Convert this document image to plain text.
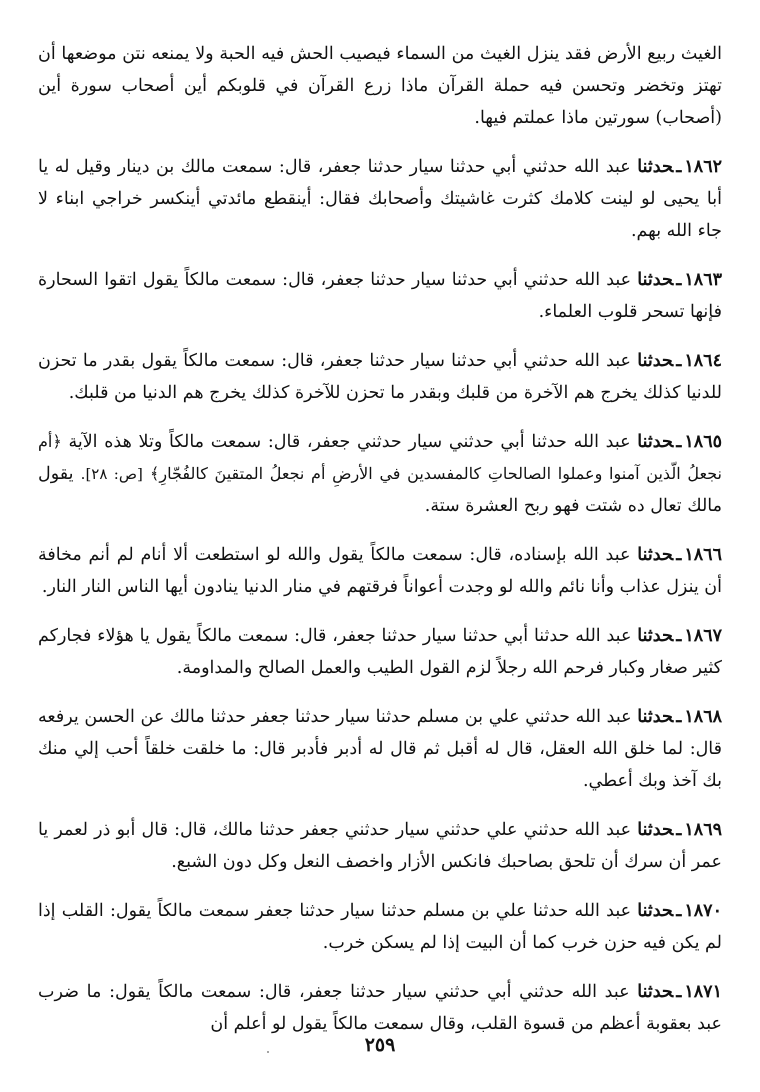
الغيث ربيع الأرض فقد ينزل الغيث من السماء فيصيب الحش فيه الحبة ولا يمنعه نتن موضعها أن تهتز وتخضر وتحسن فيه حملة القرآن ماذا زرع القرآن في قلوبكم أين أصحاب سورة أين (أصحاب) سورتين ماذا عملتم فيها.

١٨٦٢ـحدثنا عبد الله حدثني أبي حدثنا سيار حدثنا جعفر، قال: سمعت مالك بن دينار وقيل له يا أبا يحيى لو لينت كلامك كثرت غاشيتك وأصحابك فقال: أينقطع مائدتي أينكسر خراجي ابناء لا جاء الله بهم.

١٨٦٣ـحدثنا عبد الله حدثني أبي حدثنا سيار حدثنا جعفر، قال: سمعت مالكاً يقول اتقوا السحارة فإنها تسحر قلوب العلماء.

١٨٦٤ـحدثنا عبد الله حدثني أبي حدثنا سيار حدثنا جعفر، قال: سمعت مالكاً يقول بقدر ما تحزن للدنيا كذلك يخرج هم الآخرة من قلبك وبقدر ما تحزن للآخرة كذلك يخرج هم الدنيا من قلبك.

١٨٦٥ـحدثنا عبد الله حدثنا أبي حدثني سيار حدثني جعفر، قال: سمعت مالكاً وتلا هذه الآية ﴿أم نجعلُ الّذين آمنوا وعملوا الصالحاتِ كالمفسدين في الأرضِ أم نجعلُ المتقينَ كالفُجّارِ﴾ [ص: ٢٨]. يقول مالك تعال ده شتت فهو ربح العشرة ستة.

١٨٦٦ـحدثنا عبد الله بإسناده، قال: سمعت مالكاً يقول والله لو استطعت ألا أنام لم أنم مخافة أن ينزل عذاب وأنا نائم والله لو وجدت أعواناً فرقتهم في منار الدنيا ينادون أيها الناس النار النار.

١٨٦٧ـحدثنا عبد الله حدثنا أبي حدثنا سيار حدثنا جعفر، قال: سمعت مالكاً يقول يا هؤلاء فجاركم كثير صغار وكبار فرحم الله رجلاً لزم القول الطيب والعمل الصالح والمداومة.

١٨٦٨ـحدثنا عبد الله حدثني علي بن مسلم حدثنا سيار حدثنا جعفر حدثنا مالك عن الحسن يرفعه قال: لما خلق الله العقل، قال له أقبل ثم قال له أدبر فأدبر قال: ما خلقت خلقاً أحب إلي منك بك آخذ وبك أعطي.

١٨٦٩ـحدثنا عبد الله حدثني علي حدثني سيار حدثني جعفر حدثنا مالك، قال: قال أبو ذر لعمر يا عمر أن سرك أن تلحق بصاحبك فانكس الأزار واخصف النعل وكل دون الشبع.

١٨٧٠ـحدثنا عبد الله حدثنا علي بن مسلم حدثنا سيار حدثنا جعفر سمعت مالكاً يقول: القلب إذا لم يكن فيه حزن خرب كما أن البيت إذا لم يسكن خرب.

١٨٧١ـحدثنا عبد الله حدثني أبي حدثني سيار حدثنا جعفر، قال: سمعت مالكاً يقول: ما ضرب عبد بعقوبة أعظم من قسوة القلب، وقال سمعت مالكاً يقول لو أعلم أن

٢٥٩
